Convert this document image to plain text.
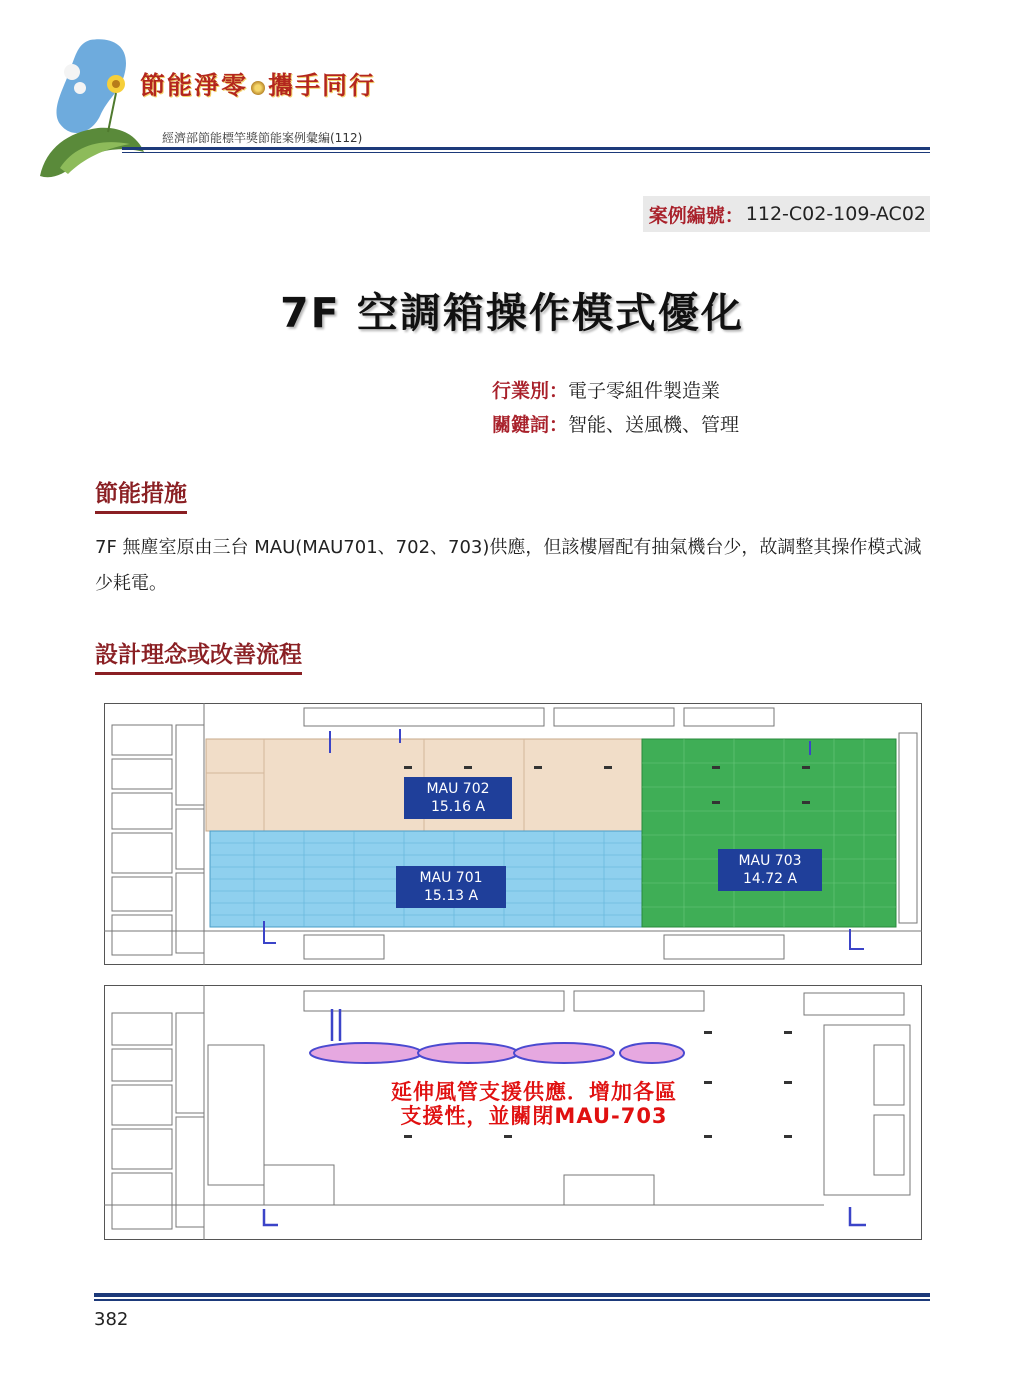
節能淨零 攜手同行
經濟部節能標竿獎節能案例彙編(112)
案例編號： 112-C02-109-AC02
7F 空調箱操作模式優化
行業別：電子零組件製造業
關鍵詞：智能、送風機、管理
節能措施
7F 無塵室原由三台 MAU(MAU701、702、703)供應，但該樓層配有抽氣機台少，故調整其操作模式減少耗電。
設計理念或改善流程
MAU 702
15.16 A
MAU 701
15.13 A
MAU 703
14.72 A
延伸風管支援供應．增加各區
支援性，並關閉MAU-703
382
